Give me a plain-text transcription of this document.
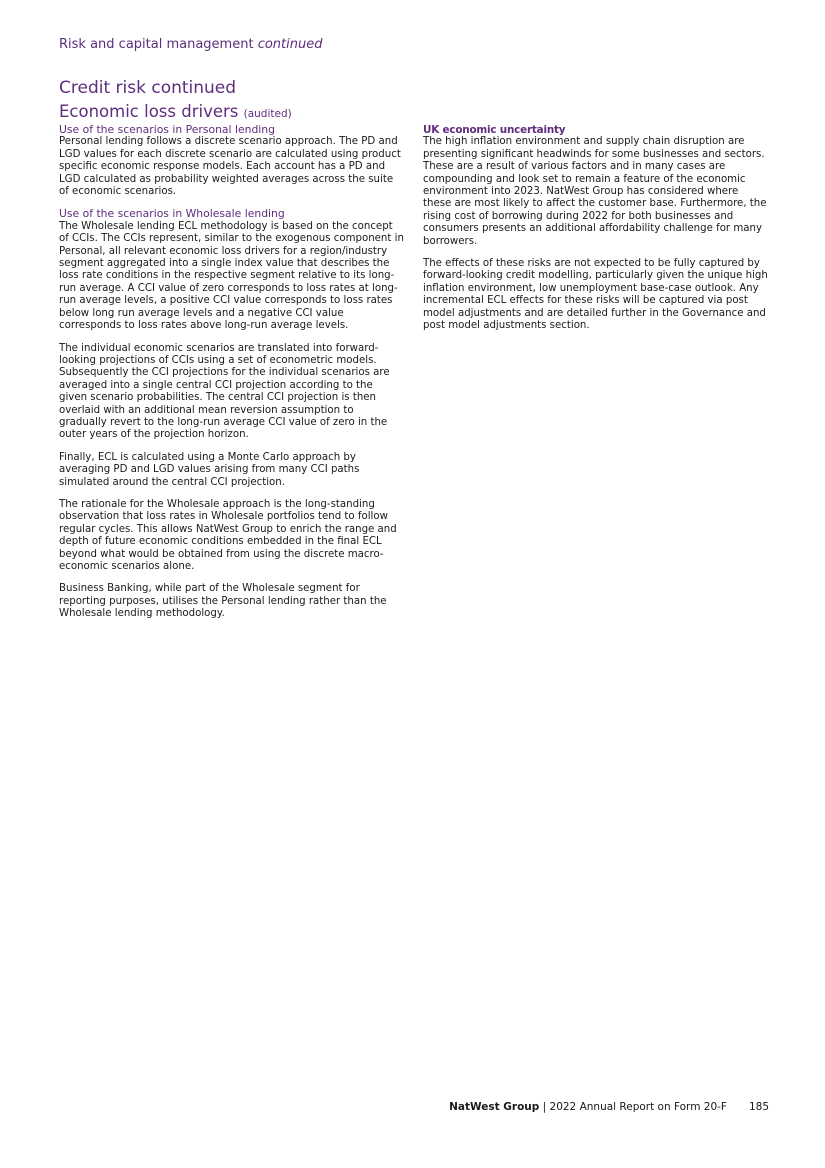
Risk and capital management continued
Credit risk continued
Economic loss drivers (audited)
Use of the scenarios in Personal lending

Personal lending follows a discrete scenario approach. The PD and LGD values for each discrete scenario are calculated using product specific economic response models. Each account has a PD and LGD calculated as probability weighted averages across the suite of economic scenarios.

Use of the scenarios in Wholesale lending

The Wholesale lending ECL methodology is based on the concept of CCIs. The CCIs represent, similar to the exogenous component in Personal, all relevant economic loss drivers for a region/industry segment aggregated into a single index value that describes the loss rate conditions in the respective segment relative to its long-run average. A CCI value of zero corresponds to loss rates at long-run average levels, a positive CCI value corresponds to loss rates below long run average levels and a negative CCI value corresponds to loss rates above long-run average levels.

The individual economic scenarios are translated into forward-looking projections of CCIs using a set of econometric models. Subsequently the CCI projections for the individual scenarios are averaged into a single central CCI projection according to the given scenario probabilities. The central CCI projection is then overlaid with an additional mean reversion assumption to gradually revert to the long-run average CCI value of zero in the outer years of the projection horizon.

Finally, ECL is calculated using a Monte Carlo approach by averaging PD and LGD values arising from many CCI paths simulated around the central CCI projection.

The rationale for the Wholesale approach is the long-standing observation that loss rates in Wholesale portfolios tend to follow regular cycles. This allows NatWest Group to enrich the range and depth of future economic conditions embedded in the final ECL beyond what would be obtained from using the discrete macro-economic scenarios alone.

Business Banking, while part of the Wholesale segment for reporting purposes, utilises the Personal lending rather than the Wholesale lending methodology.

UK economic uncertainty

The high inflation environment and supply chain disruption are presenting significant headwinds for some businesses and sectors. These are a result of various factors and in many cases are compounding and look set to remain a feature of the economic environment into 2023. NatWest Group has considered where these are most likely to affect the customer base. Furthermore, the rising cost of borrowing during 2022 for both businesses and consumers presents an additional affordability challenge for many borrowers.

The effects of these risks are not expected to be fully captured by forward-looking credit modelling, particularly given the unique high inflation environment, low unemployment base-case outlook. Any incremental ECL effects for these risks will be captured via post model adjustments and are detailed further in the Governance and post model adjustments section.

NatWest Group | 2022 Annual Report on Form 20-F 185
